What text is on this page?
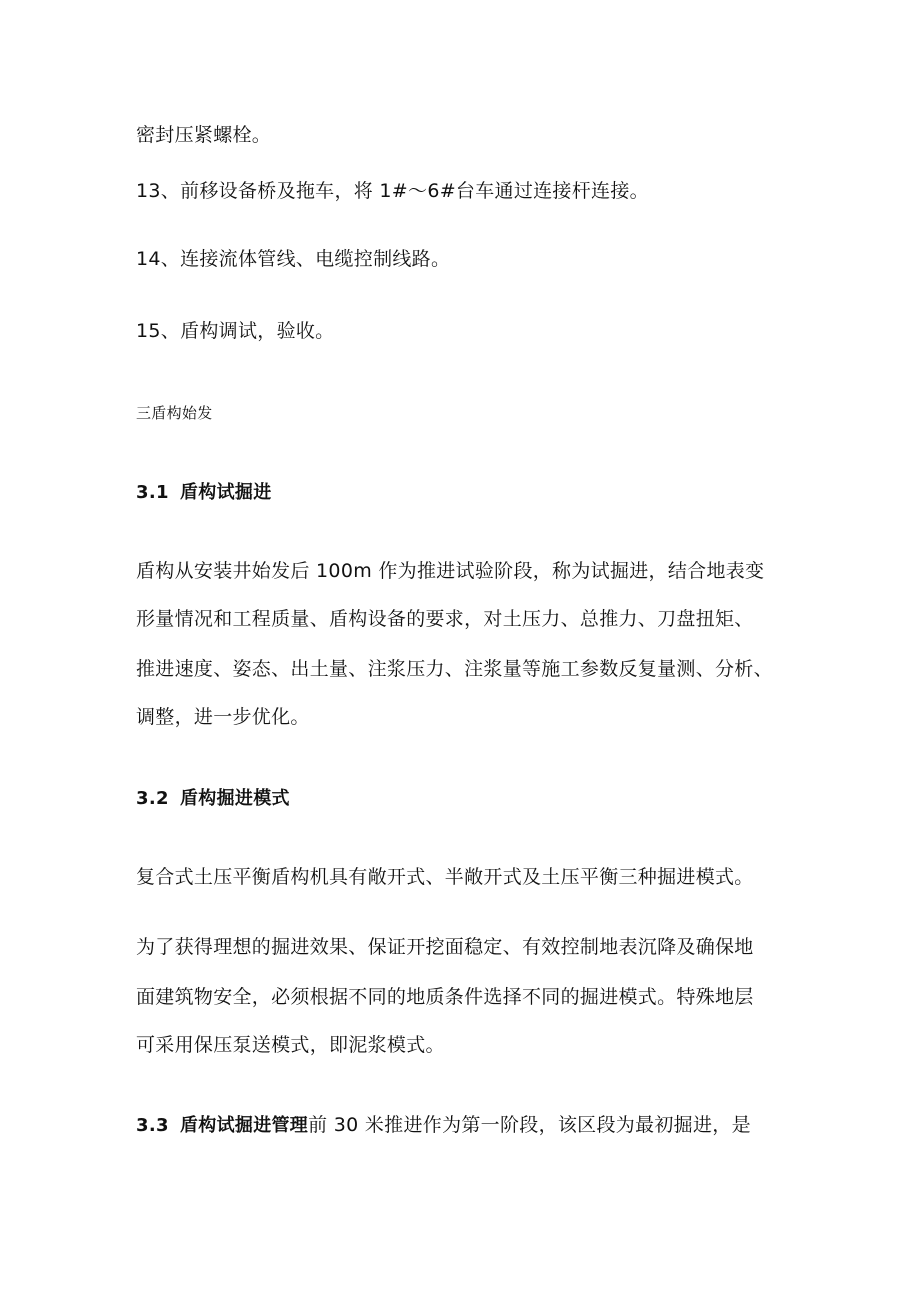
密封压紧螺栓。
13、前移设备桥及拖车，将 1#～6#台车通过连接杆连接。
14、连接流体管线、电缆控制线路。
15、盾构调试，验收。
三盾构始发
3.1 盾构试掘进
盾构从安装井始发后 100m 作为推进试验阶段，称为试掘进，结合地表变
形量情况和工程质量、盾构设备的要求，对土压力、总推力、刀盘扭矩、
推进速度、姿态、出土量、注浆压力、注浆量等施工参数反复量测、分析、
调整，进一步优化。
3.2 盾构掘进模式
复合式土压平衡盾构机具有敞开式、半敞开式及土压平衡三种掘进模式。
为了获得理想的掘进效果、保证开挖面稳定、有效控制地表沉降及确保地
面建筑物安全，必须根据不同的地质条件选择不同的掘进模式。特殊地层
可采用保压泵送模式，即泥浆模式。
3.3 盾构试掘进管理前 30 米推进作为第一阶段，该区段为最初掘进，是
